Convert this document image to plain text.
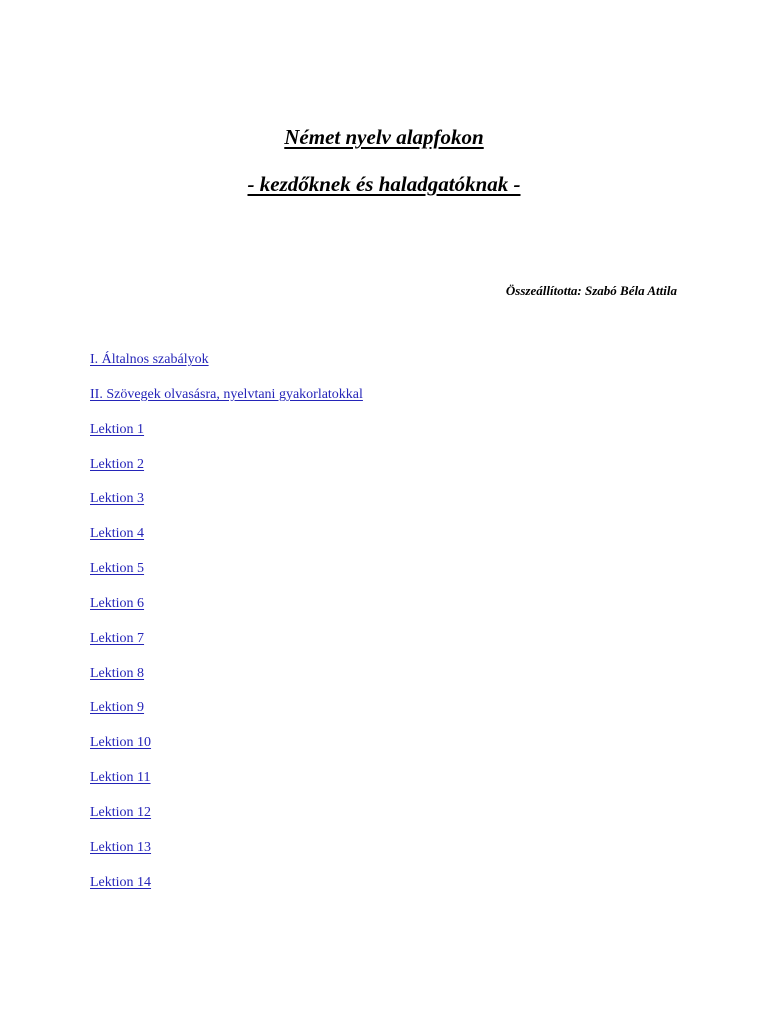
Német nyelv alapfokon
- kezdőknek és haladgatóknak -
Összeállította: Szabó Béla Attila
I. Általnos szabályok
II. Szövegek olvasásra, nyelvtani gyakorlatokkal
Lektion 1
Lektion 2
Lektion 3
Lektion 4
Lektion 5
Lektion 6
Lektion 7
Lektion 8
Lektion 9
Lektion 10
Lektion 11
Lektion 12
Lektion 13
Lektion 14
